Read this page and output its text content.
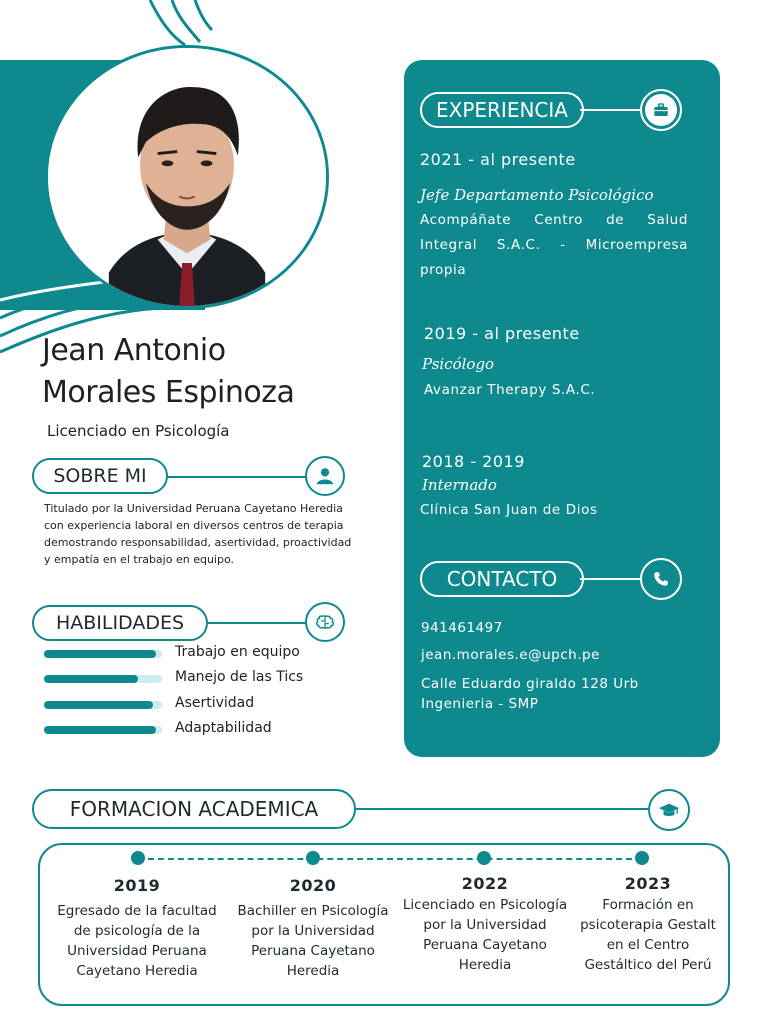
Jean Antonio
Morales Espinoza
Licenciado en Psicología
SOBRE MI
Titulado por la Universidad Peruana Cayetano Heredia con experiencia laboral en diversos centros de terapia demostrando responsabilidad, asertividad, proactividad y empatía en el trabajo en equipo.
HABILIDADES
Trabajo en equipo
Manejo de las Tics
Asertividad
Adaptabilidad
EXPERIENCIA
2021 - al presente
Jefe Departamento Psicológico
Acompáñate Centro de Salud Integral S.A.C. - Microempresa propia
2019 - al presente
Psicólogo
Avanzar Therapy S.A.C.
2018 - 2019
Internado
Clínica San Juan de Dios
CONTACTO
941461497
jean.morales.e@upch.pe
Calle Eduardo giraldo 128 Urb Ingenieria - SMP
FORMACION ACADEMICA
2019
Egresado de la facultad de psicología de la Universidad Peruana Cayetano Heredia
2020
Bachiller en Psicología por la Universidad Peruana Cayetano Heredia
2022
Licenciado en Psicología por la Universidad Peruana Cayetano Heredia
2023
Formación en psicoterapia Gestalt en el Centro Gestáltico del Perú
